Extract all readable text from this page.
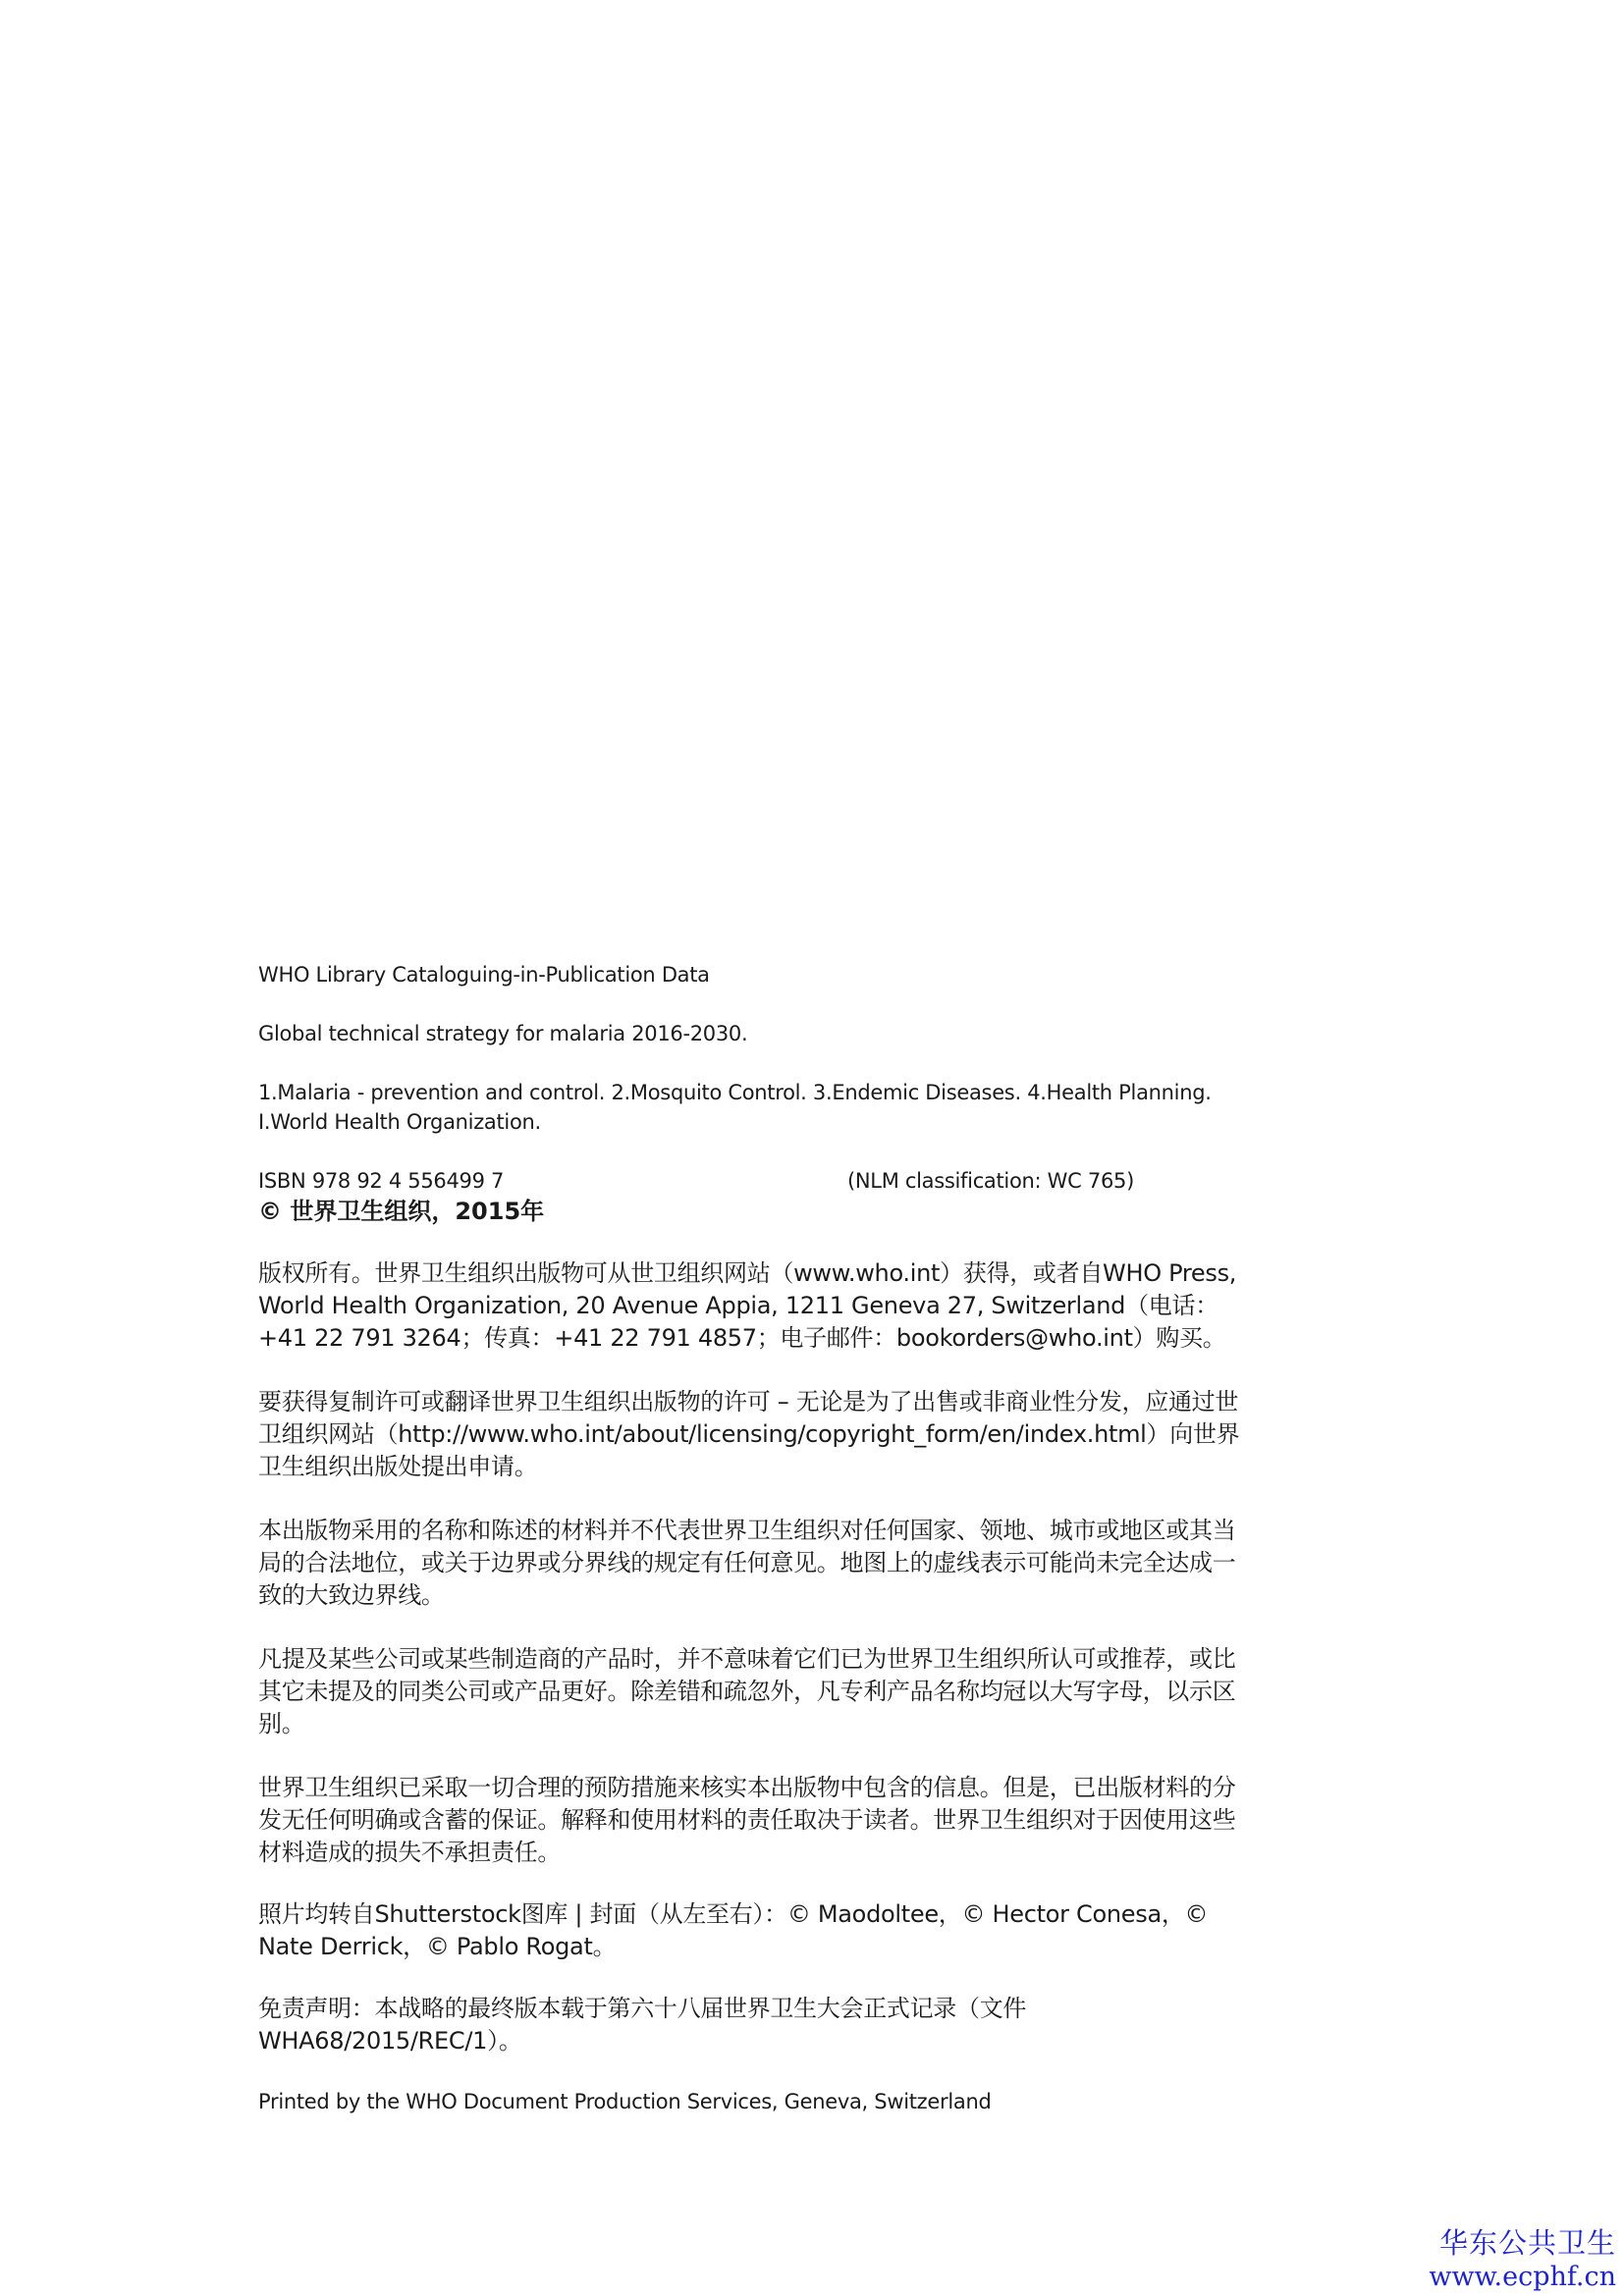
WHO Library Cataloguing-in-Publication Data

Global technical strategy for malaria 2016-2030.

1.Malaria - prevention and control. 2.Mosquito Control. 3.Endemic Diseases. 4.Health Planning. I.World Health Organization.

ISBN 978 92 4 556499 7	(NLM classification: WC 765)

© 世界卫生组织，2015年

版权所有。世界卫生组织出版物可从世卫组织网站（www.who.int）获得，或者自WHO Press, World Health Organization, 20 Avenue Appia, 1211 Geneva 27, Switzerland（电话：+41 22 791 3264；传真：+41 22 791 4857；电子邮件：bookorders@who.int）购买。

要获得复制许可或翻译世界卫生组织出版物的许可 – 无论是为了出售或非商业性分发，应通过世卫组织网站（http://www.who.int/about/licensing/copyright_form/en/index.html）向世界卫生组织出版处提出申请。

本出版物采用的名称和陈述的材料并不代表世界卫生组织对任何国家、领地、城市或地区或其当局的合法地位，或关于边界或分界线的规定有任何意见。地图上的虚线表示可能尚未完全达成一致的大致边界线。

凡提及某些公司或某些制造商的产品时，并不意味着它们已为世界卫生组织所认可或推荐，或比其它未提及的同类公司或产品更好。除差错和疏忽外，凡专利产品名称均冠以大写字母，以示区别。

世界卫生组织已采取一切合理的预防措施来核实本出版物中包含的信息。但是，已出版材料的分发无任何明确或含蓄的保证。解释和使用材料的责任取决于读者。世界卫生组织对于因使用这些材料造成的损失不承担责任。

照片均转自Shutterstock图库 | 封面（从左至右）：© Maodoltee，© Hector Conesa，© Nate Derrick，© Pablo Rogat。

免责声明：本战略的最终版本载于第六十八届世界卫生大会正式记录（文件 WHA68/2015/REC/1）。

Printed by the WHO Document Production Services, Geneva, Switzerland

华东公共卫生
www.ecphf.cn
